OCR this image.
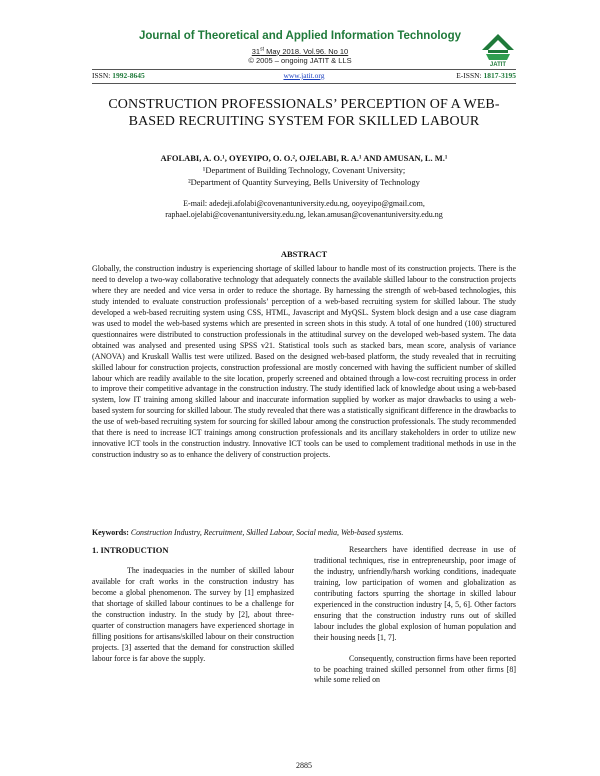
Journal of Theoretical and Applied Information Technology
31st May 2018. Vol.96. No 10
© 2005 – ongoing JATIT & LLS	JATIT
ISSN: 1992-8645	www.jatit.org	E-ISSN: 1817-3195
CONSTRUCTION PROFESSIONALS’ PERCEPTION OF A WEB-BASED RECRUITING SYSTEM FOR SKILLED LABOUR
AFOLABI, A. O.¹, OYEYIPO, O. O.², OJELABI, R. A.¹ AND AMUSAN, L. M.¹
¹Department of Building Technology, Covenant University;
²Department of Quantity Surveying, Bells University of Technology
E-mail: adedeji.afolabi@covenantuniversity.edu.ng, ooyeyipo@gmail.com,
raphael.ojelabi@covenantuniversity.edu.ng, lekan.amusan@covenantuniversity.edu.ng
ABSTRACT

Globally, the construction industry is experiencing shortage of skilled labour to handle most of its construction projects. There is the need to develop a two-way collaborative technology that adequately connects the available skilled labour to the construction projects where they are needed and vice versa in order to reduce the shortage. By harnessing the strength of web-based technologies, this study intended to evaluate construction professionals’ perception of a web-based recruiting system for skilled labour. The study developed a web-based recruiting system using CSS, HTML, Javascript and MyQSL. System block design and a use case diagram was used to model the web-based systems which are presented in screen shots in this study. A total of one hundred (100) structured questionnaires were distributed to construction professionals in the attitudinal survey on the developed web-based system. The data obtained was analysed and presented using SPSS v21. Statistical tools such as stacked bars, mean score, analysis of variance (ANOVA) and Kruskall Wallis test were utilized. Based on the designed web-based platform, the study revealed that in recruiting skilled labour for construction projects, construction professional are mostly concerned with having the sufficient number of skilled labour which are readily available to the site location, properly screened and obtained through a low-cost recruiting process in order to improve their competitive advantage in the construction industry. The study identified lack of knowledge about using a web-based system, low IT training among skilled labour and inaccurate information supplied by worker as major drawbacks to using a web-based system for sourcing for skilled labour. The study revealed that there was a statistically significant difference in the drawbacks to the use of web-based recruiting system for sourcing for skilled labour among the construction professionals. The study recommended that there is need to increase ICT trainings among construction professionals and its ancillary stakeholders in order to utilize new innovative ICT tools in the construction industry. Innovative ICT tools can be used to complement traditional methods in use in the construction industry so as to enhance the delivery of construction projects.

Keywords: Construction Industry, Recruitment, Skilled Labour, Social media, Web-based systems.

1. INTRODUCTION

The inadequacies in the number of skilled labour available for craft works in the construction industry has become a global phenomenon. The survey by [1] emphasized that shortage of skilled labour continues to be a challenge for the construction industry. In the study by [2], about three-quarter of construction managers have experienced shortage in filling positions for artisans/skilled labour on their construction projects. [3] asserted that the demand for construction skilled labour force is far above the supply.

Researchers have identified decrease in use of traditional techniques, rise in entrepreneurship, poor image of the industry, unfriendly/harsh working conditions, inadequate training, low participation of women and globalization as contributing factors spurring the shortage in skilled labour experienced in the construction industry [4, 5, 6]. Other factors ensuring that the construction industry runs out of skilled labour includes the global explosion of human population and their housing needs [1, 7].

Consequently, construction firms have been reported to be poaching trained skilled personnel from other firms [8] while some relied on

2885
